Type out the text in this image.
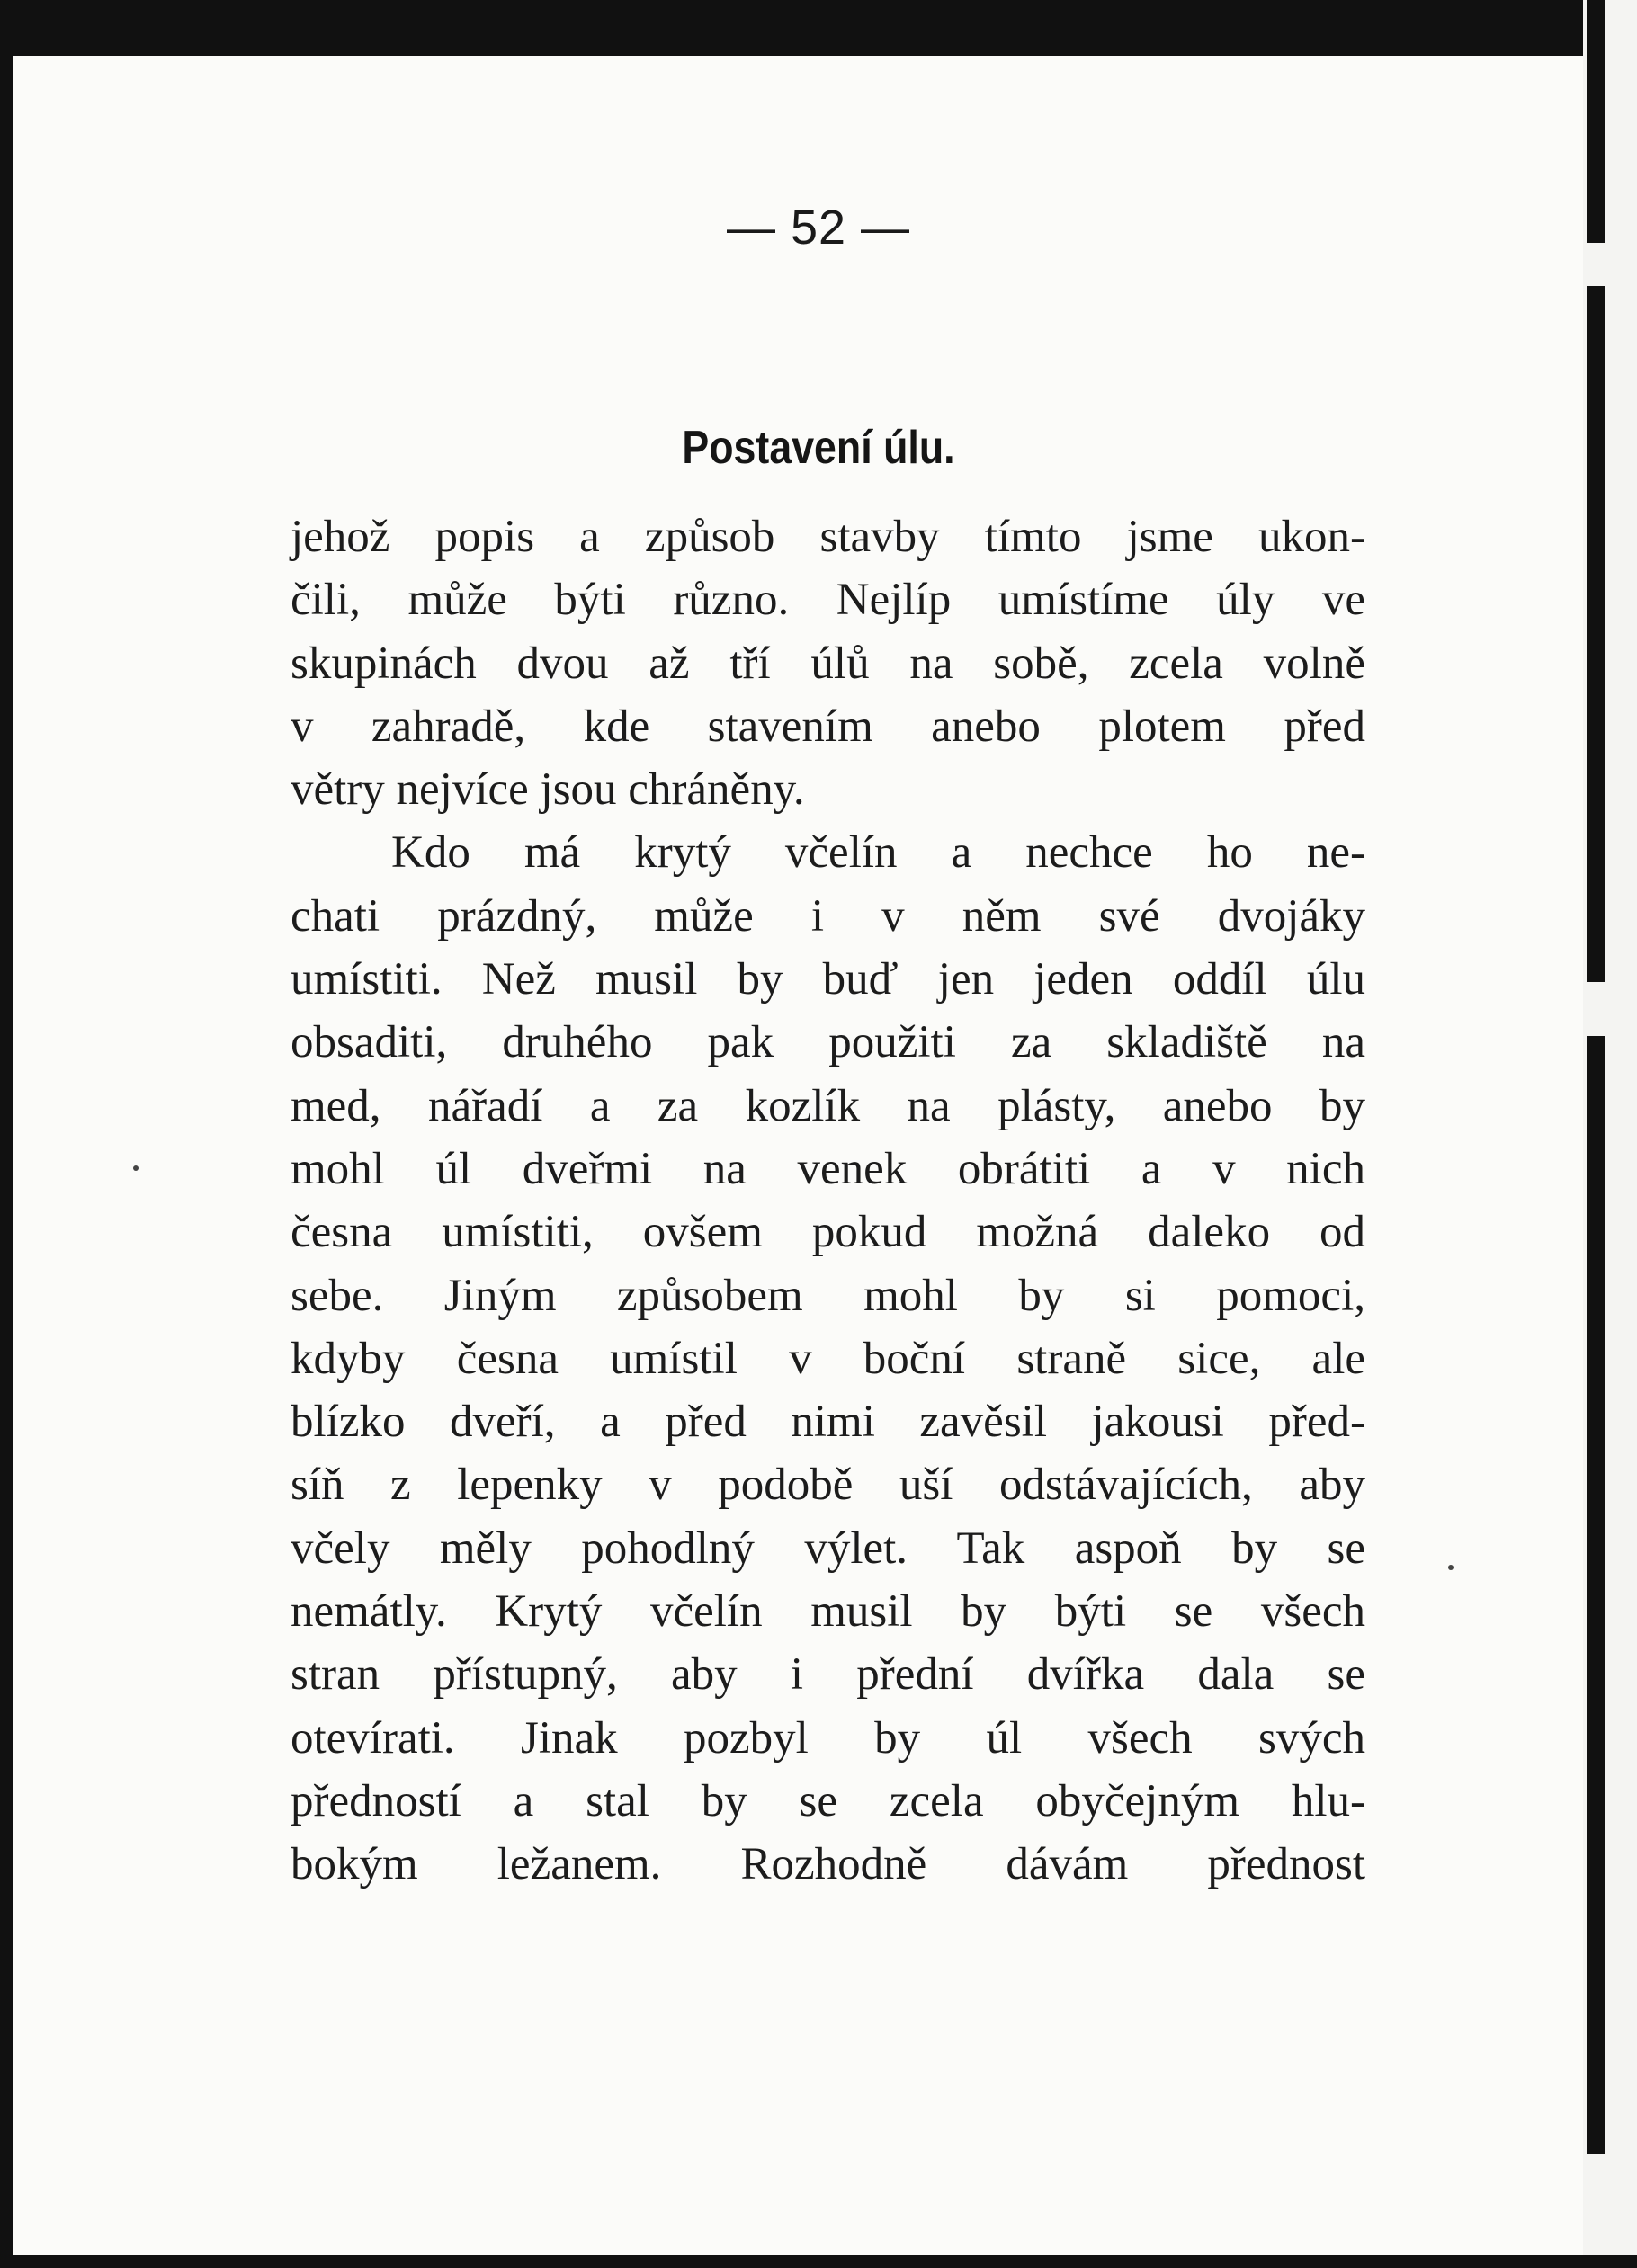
— 52 —
Postavení úlu.
jehož popis a způsob stavby tímto jsme ukon-
čili, může býti různo. Nejlíp umístíme úly ve
skupinách dvou až tří úlů na sobě, zcela volně
v zahradě, kde stavením anebo plotem před
větry nejvíce jsou chráněny.
Kdo má krytý včelín a nechce ho ne-
chati prázdný, může i v něm své dvojáky
umístiti. Než musil by buď jen jeden oddíl úlu
obsaditi, druhého pak použiti za skladiště na
med, nářadí a za kozlík na plásty, anebo by
mohl úl dveřmi na venek obrátiti a v nich
česna umístiti, ovšem pokud možná daleko od
sebe. Jiným způsobem mohl by si pomoci,
kdyby česna umístil v boční straně sice, ale
blízko dveří, a před nimi zavěsil jakousi před-
síň z lepenky v podobě uší odstávajících, aby
včely měly pohodlný výlet. Tak aspoň by se
nemátly. Krytý včelín musil by býti se všech
stran přístupný, aby i přední dvířka dala se
otevírati. Jinak pozbyl by úl všech svých
předností a stal by se zcela obyčejným hlu-
bokým ležanem. Rozhodně dávám přednost
